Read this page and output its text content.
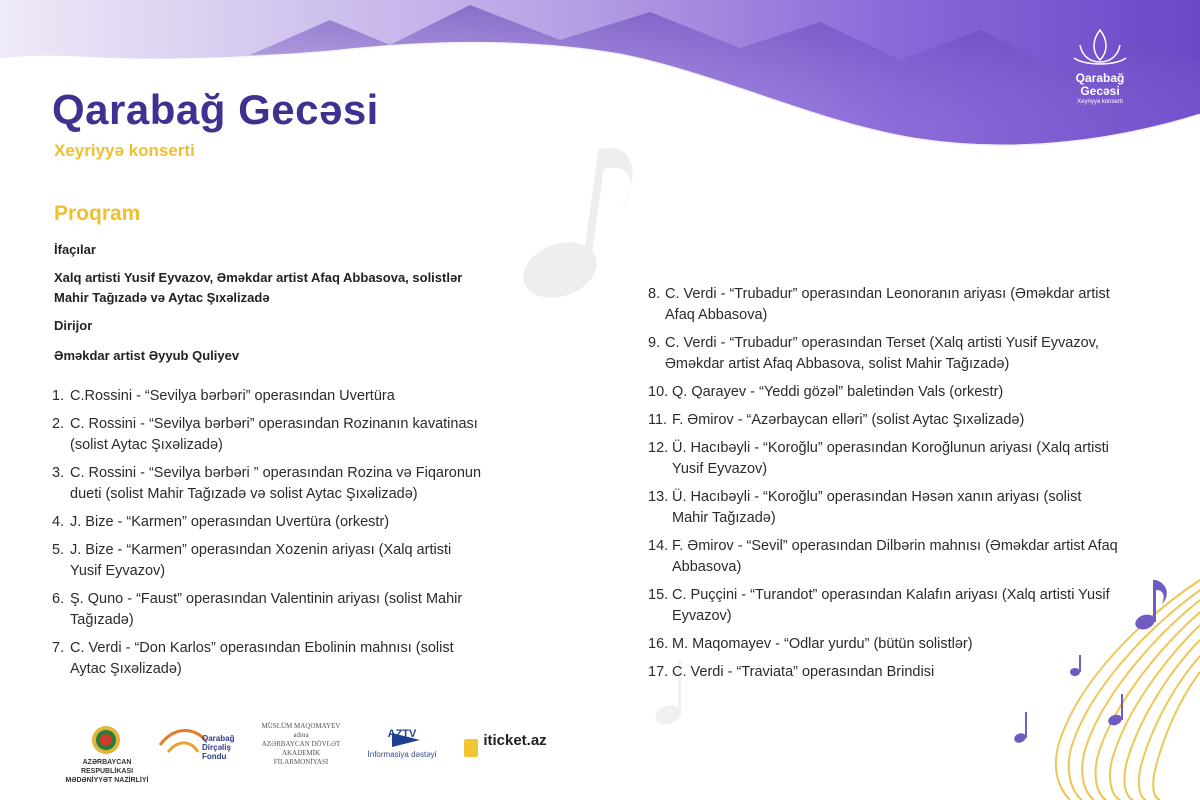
Qarabağ
Gecəsi
Xeyriyyə konserti
Qarabağ Gecəsi
Xeyriyyə konserti
Proqram
İfaçılar
Xalq artisti Yusif Eyvazov, Əməkdar artist Afaq Abbasova, solistlər Mahir Tağızadə və Aytac Şıxəlizadə
Dirijor
Əməkdar artist Əyyub Quliyev
1. C.Rossini - “Sevilya bərbəri” operasından Uvertüra
2. C. Rossini - “Sevilya bərbəri” operasından Rozinanın kavatinası (solist Aytac Şıxəlizadə)
3. C. Rossini - “Sevilya bərbəri ” operasından Rozina və Fiqaronun dueti (solist Mahir Tağızadə və solist Aytac Şıxəlizadə)
4. J. Bize - “Karmen” operasından Uvertüra (orkestr)
5. J. Bize - “Karmen” operasından Xozenin ariyası (Xalq artisti Yusif Eyvazov)
6. Ş. Quno - “Faust” operasından Valentinin ariyası (solist Mahir Tağızadə)
7. C. Verdi - “Don Karlos” operasından Ebolinin mahnısı (solist Aytac Şıxəlizadə)
8. C. Verdi - “Trubadur” operasından Leonoranın ariyası (Əməkdar artist Afaq Abbasova)
9. C. Verdi - “Trubadur” operasından Terset (Xalq artisti Yusif Eyvazov, Əməkdar artist Afaq Abbasova, solist Mahir Tağızadə)
10. Q. Qarayev - “Yeddi gözəl” baletindən Vals (orkestr)
11. F. Əmirov - “Azərbaycan elləri” (solist Aytac Şıxəlizadə)
12. Ü. Hacıbəyli - “Koroğlu” operasından Koroğlunun ariyası (Xalq artisti Yusif Eyvazov)
13. Ü. Hacıbəyli - “Koroğlu” operasından Həsən xanın ariyası (solist Mahir Tağızadə)
14. F. Əmirov - “Sevil” operasından Dilbərin mahnısı (Əməkdar artist Afaq Abbasova)
15. C. Puççini - “Turandot” operasından Kalafın ariyası (Xalq artisti Yusif Eyvazov)
16. M. Maqomayev - “Odlar yurdu” (bütün solistlər)
17. C. Verdi - “Traviata” operasından Brindisi
AZƏRBAYCAN RESPUBLİKASI
MƏDƏNİYYƏT NAZİRLİYİ
Qarabağ
Dirçəliş
Fondu
MÜSLÜM MAQOMAYEV
adına
AZƏRBAYCAN DÖVLƏT
AKADEMİK
FİLARMONİYASI
AZTV
İnformasiya dəstəyi
iticket.az
